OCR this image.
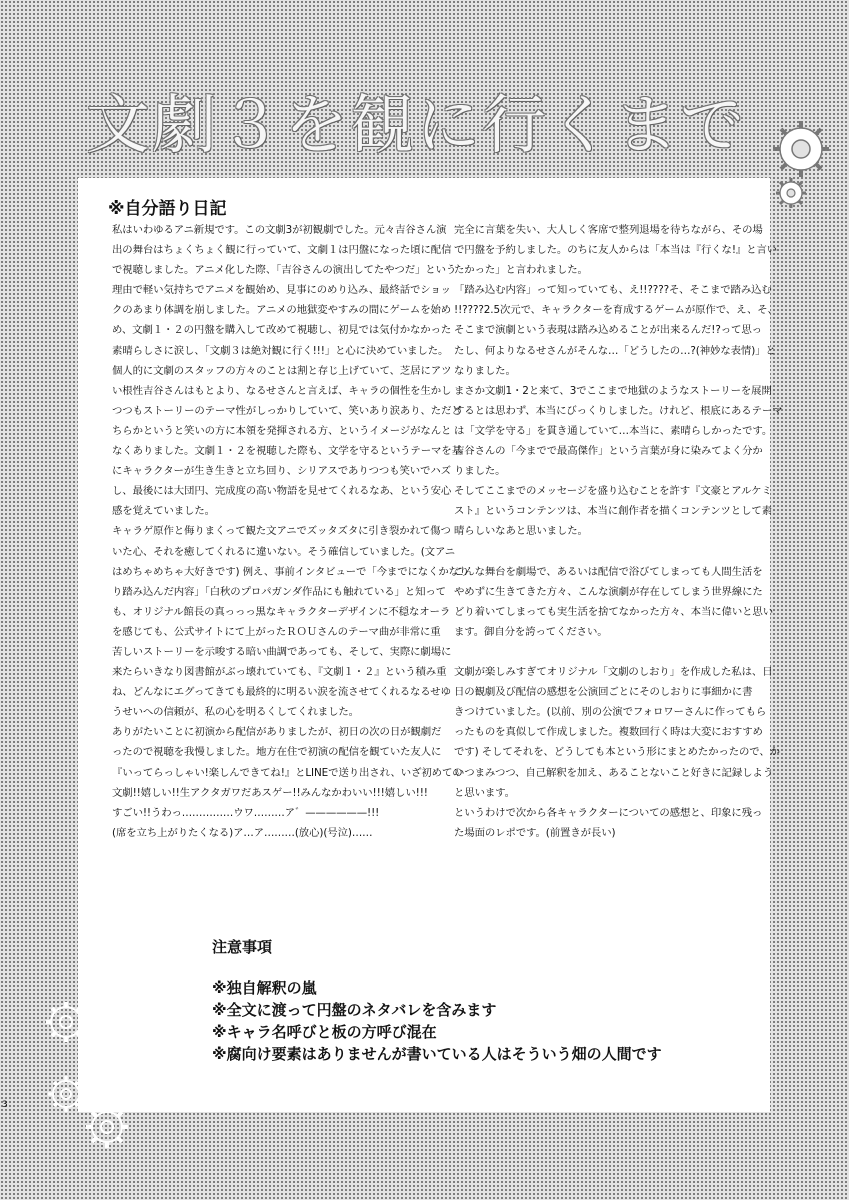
文劇３を観に行くまで
※自分語り日記

私はいわゆるアニ新規です。この文劇3が初観劇でした。元々吉谷さん演

出の舞台はちょくちょく観に行っていて、文劇１は円盤になった頃に配信

で視聴しました。アニメ化した際、「吉谷さんの演出してたやつだ」という

理由で軽い気持ちでアニメを観始め、見事にのめり込み、最終話でショッ

クのあまり体調を崩しました。アニメの地獄変やすみの間にゲームを始め

め、文劇１・２の円盤を購入して改めて視聴し、初見では気付かなかった

素晴らしさに涙し、「文劇３は絶対観に行く!!!」と心に決めていました。

個人的に文劇のスタッフの方々のことは割と存じ上げていて、芝居にアツ

い根性吉谷さんはもとより、なるせさんと言えば、キャラの個性を生かし

つつもストーリーのテーマ性がしっかりしていて、笑いあり涙あり、ただど

ちらかというと笑いの方に本領を発揮される方、というイメージがなんと

なくありました。文劇１・２を視聴した際も、文学を守るというテーマを基

にキャラクターが生き生きと立ち回り、シリアスでありつつも笑いでハズ

し、最後には大団円、完成度の高い物語を見せてくれるなあ、という安心

感を覚えていました。

キャラゲ原作と侮りまくって観た文アニでズッタズタに引き裂かれて傷つ

いた心、それを癒してくれるに違いない。そう確信していました。(文アニ

はめちゃめちゃ大好きです) 例え、事前インタビューで「今までになくかなり

り踏み込んだ内容」「白秋のプロパガンダ作品にも触れている」と知って

も、オリジナル館長の真っっっ黒なキャラクターデザインに不穏なオーラ

を感じても、公式サイトにて上がったＲＯＵさんのテーマ曲が非常に重

苦しいストーリーを示唆する暗い曲調であっても、そして、実際に劇場に

来たらいきなり図書館がぶっ壊れていても、『文劇１・２』という積み重

ね、どんなにエグってきても最終的に明るい涙を流させてくれるなるせゆ

うせいへの信頼が、私の心を明るくしてくれました。

ありがたいことに初演から配信がありましたが、初日の次の日が観劇だ

ったので視聴を我慢しました。地方在住で初演の配信を観ていた友人に

『いってらっしゃい!楽しんできてね!』とLINEで送り出され、いざ初めての

文劇!!嬉しい!!生アクタガワだあスゲー!!みんなかわいい!!!嬉しい!!!

すごい!!うわっ……………ウワ………ア゛——————!!!

(席を立ち上がりたくなる)ア…ア………(放心)(号泣)……

完全に言葉を失い、大人しく客席で整列退場を待ちながら、その場

で円盤を予約しました。のちに友人からは「本当は『行くな!』と言い

たかった」と言われました。

「踏み込む内容」って知っていても、え!!????そ、そこまで踏み込む

!!????2.5次元で、キャラクターを育成するゲームが原作で、え、そ、

そこまで演劇という表現は踏み込めることが出来るんだ!?って思っ

たし、何よりなるせさんがそんな…「どうしたの…?(神妙な表情)」と

なりました。

まさか文劇1・2と来て、3でここまで地獄のようなストーリーを展開

するとは思わず、本当にびっくりしました。けれど、根底にあるテーマ

は「文学を守る」を貫き通していて…本当に、素晴らしかったです。

吉谷さんの「今までで最高傑作」という言葉が身に染みてよく分か

りました。

そしてここまでのメッセージを盛り込むことを許す『文豪とアルケミ

スト』というコンテンツは、本当に創作者を描くコンテンツとして素

晴らしいなあと思いました。

こんな舞台を劇場で、あるいは配信で浴びてしまっても人間生活を

やめずに生きてきた方々、こんな演劇が存在してしまう世界線にた

どり着いてしまっても実生活を捨てなかった方々、本当に偉いと思い

ます。御自分を誇ってください。

文劇が楽しみすぎてオリジナル「文劇のしおり」を作成した私は、日

日の観劇及び配信の感想を公演回ごとにそのしおりに事細かに書

きつけていました。(以前、別の公演でフォロワーさんに作ってもら

ったものを真似して作成しました。複数回行く時は大変におすすめ

です) そしてそれを、どうしても本という形にまとめたかったので、か

いつまみつつ、自己解釈を加え、あることないこと好きに記録しよう

と思います。

というわけで次から各キャラクターについての感想と、印象に残っ

た場面のレポです。(前置きが長い)

注意事項
※独自解釈の嵐
※全文に渡って円盤のネタバレを含みます
※キャラ名呼びと板の方呼び混在
※腐向け要素はありませんが書いている人はそういう畑の人間です
3
